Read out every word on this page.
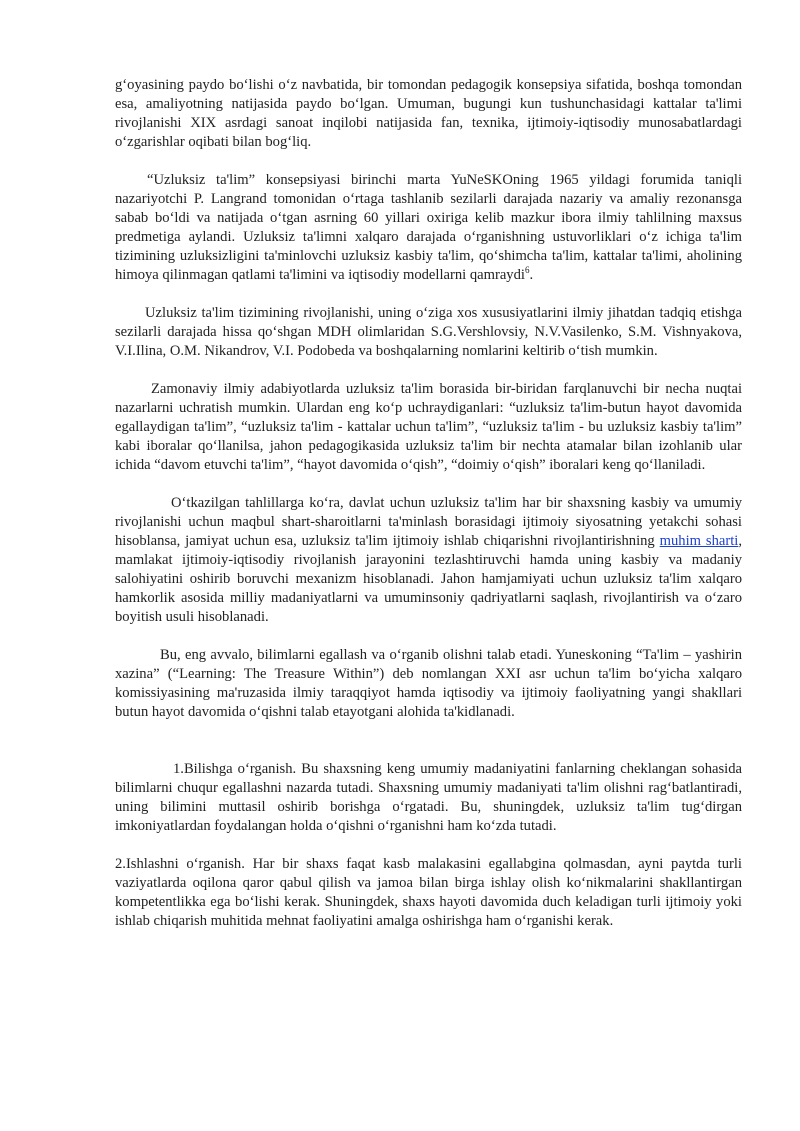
g‘oyasining paydo bo‘lishi o‘z navbatida, bir tomondan pedagogik konsepsiya sifatida, boshqa tomondan esa, amaliyotning natijasida paydo bo‘lgan. Umuman, bugungi kun tushunchasidagi kattalar ta'limi rivojlanishi XIX asrdagi sanoat inqilobi natijasida fan, texnika, ijtimoiy-iqtisodiy munosabatlardagi o‘zgarishlar oqibati bilan bog‘liq.

“Uzluksiz ta'lim” konsepsiyasi birinchi marta YuNeSKOning 1965 yildagi forumida taniqli nazariyotchi P. Langrand tomonidan o‘rtaga tashlanib sezilarli darajada nazariy va amaliy rezonansga sabab bo‘ldi va natijada o‘tgan asrning 60 yillari oxiriga kelib mazkur ibora ilmiy tahlilning maxsus predmetiga aylandi. Uzluksiz ta'limni xalqaro darajada o‘rganishning ustuvorliklari o‘z ichiga ta'lim tizimining uzluksizligini ta'minlovchi uzluksiz kasbiy ta'lim, qo‘shimcha ta'lim, kattalar ta'limi, aholining himoya qilinmagan qatlami ta'limini va iqtisodiy modellarni qamraydi$^6$.

Uzluksiz ta'lim tizimining rivojlanishi, uning o‘ziga xos xususiyatlarini ilmiy jihatdan tadqiq etishga sezilarli darajada hissa qo‘shgan MDH olimlaridan S.G.Vershlovsiy, N.V.Vasilenko, S.M. Vishnyakova, V.I.Ilina, O.M. Nikandrov, V.I. Podobeda va boshqalarning nomlarini keltirib o‘tish mumkin.

Zamonaviy ilmiy adabiyotlarda uzluksiz ta'lim borasida bir-biridan farqlanuvchi bir necha nuqtai nazarlarni uchratish mumkin. Ulardan eng ko‘p uchraydiganlari: “uzluksiz ta'lim-butun hayot davomida egallaydigan ta'lim”, “uzluksiz ta'lim - kattalar uchun ta'lim”, “uzluksiz ta'lim - bu uzluksiz kasbiy ta'lim” kabi iboralar qo‘llanilsa, jahon pedagogikasida uzluksiz ta'lim bir nechta atamalar bilan izohlanib ular ichida “davom etuvchi ta'lim”, “hayot davomida o‘qish”, “doimiy o‘qish” iboralari keng qo‘llaniladi.

O‘tkazilgan tahlillarga ko‘ra, davlat uchun uzluksiz ta'lim har bir shaxsning kasbiy va umumiy rivojlanishi uchun maqbul shart-sharoitlarni ta'minlash borasidagi ijtimoiy siyosatning yetakchi sohasi hisoblansa, jamiyat uchun esa, uzluksiz ta'lim ijtimoiy ishlab chiqarishni rivojlantirishning muhim sharti, mamlakat ijtimoiy-iqtisodiy rivojlanish jarayonini tezlashtiruvchi hamda uning kasbiy va madaniy salohiyatini oshirib boruvchi mexanizm hisoblanadi. Jahon hamjamiyati uchun uzluksiz ta'lim xalqaro hamkorlik asosida milliy madaniyatlarni va umuminsoniy qadriyatlarni saqlash, rivojlantirish va o‘zaro boyitish usuli hisoblanadi.

Bu, eng avvalo, bilimlarni egallash va o‘rganib olishni talab etadi. Yuneskoning “Ta'lim – yashirin xazina” (“Learning: The Treasure Within”) deb nomlangan XXI asr uchun ta'lim bo‘yicha xalqaro komissiyasining ma'ruzasida ilmiy taraqqiyot hamda iqtisodiy va ijtimoiy faoliyatning yangi shakllari butun hayot davomida o‘qishni talab etayotgani alohida ta'kidlanadi.

1.Bilishga o‘rganish. Bu shaxsning keng umumiy madaniyatini fanlarning cheklangan sohasida bilimlarni chuqur egallashni nazarda tutadi. Shaxsning umumiy madaniyati ta'lim olishni rag‘batlantiradi, uning bilimini muttasil oshirib borishga o‘rgatadi. Bu, shuningdek, uzluksiz ta'lim tug‘dirgan imkoniyatlardan foydalangan holda o‘qishni o‘rganishni ham ko‘zda tutadi.

2.Ishlashni o‘rganish. Har bir shaxs faqat kasb malakasini egallabgina qolmasdan, ayni paytda turli vaziyatlarda oqilona qaror qabul qilish va jamoa bilan birga ishlay olish ko‘nikmalarini shakllantirgan kompetentlikka ega bo‘lishi kerak. Shuningdek, shaxs hayoti davomida duch keladigan turli ijtimoiy yoki ishlab chiqarish muhitida mehnat faoliyatini amalga oshirishga ham o‘rganishi kerak.
